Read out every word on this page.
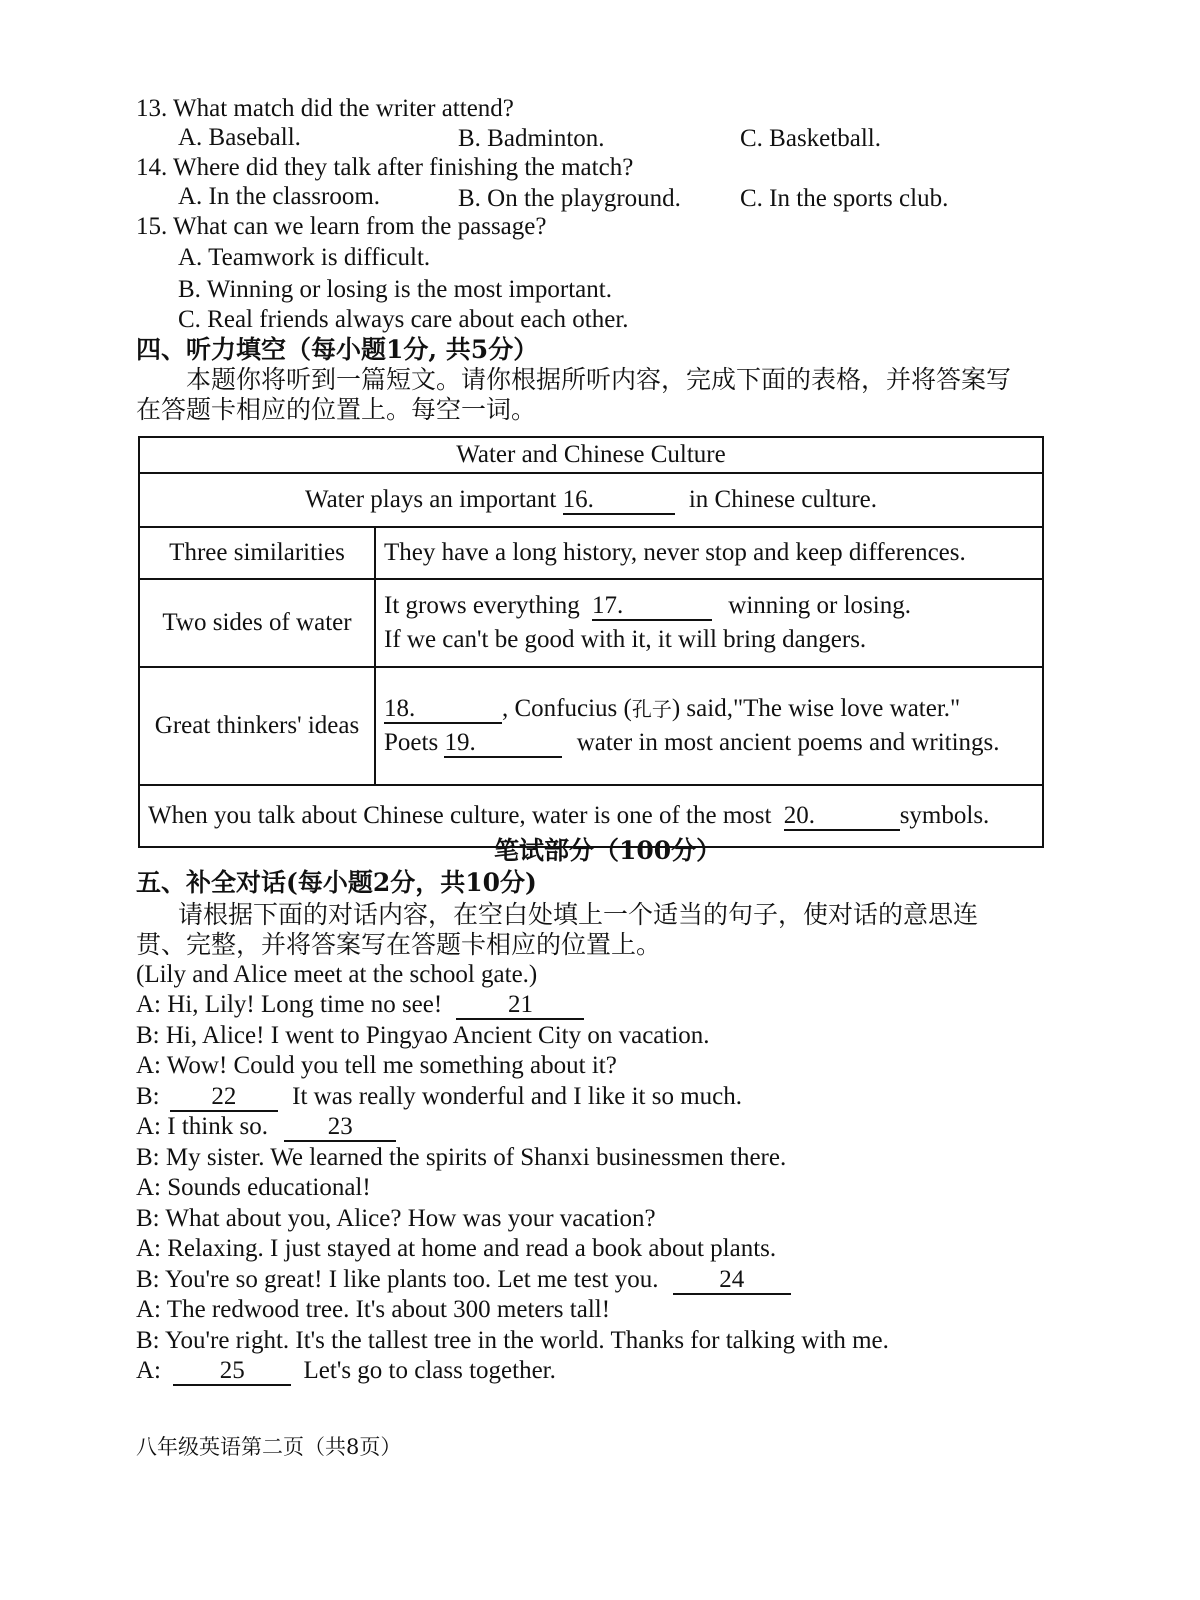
13. What match did the writer attend?
A. Baseball.	B. Badminton.	C. Basketball.
14. Where did they talk after finishing the match?
A. In the classroom.	B. On the playground. C. In the sports club.
15. What can we learn from the passage?
A. Teamwork is difficult.
B. Winning or losing is the most important.
C. Real friends always care about each other.
四、听力填空（每小题1分, 共5分）
本题你将听到一篇短文。请你根据所听内容，完成下面的表格，并将答案写
在答题卡相应的位置上。每空一词。
Water and Chinese Culture	
Water plays an important 16. in Chinese culture.	
Three similarities	They have a long history, never stop and keep differences.
Two sides of water	It grows everything 17. winning or losing.
If we can't be good with it, it will bring dangers.

Great thinkers' ideas	18. , Confucius (孔子) said,"The wise love water."
Poets 19. water in most ancient poems and writings.

When you talk about Chinese culture, water is one of the most 20. symbols.	
笔试部分（100分）
五、补全对话(每小题2分，共10分)
请根据下面的对话内容，在空白处填上一个适当的句子，使对话的意思连
贯、完整，并将答案写在答题卡相应的位置上。
(Lily and Alice meet at the school gate.)
A: Hi, Lily! Long time no see!	21
B: Hi, Alice! I went to Pingyao Ancient City on vacation.
A: Wow! Could you tell me something about it?
B: 22 It was really wonderful and I like it so much.
A: I think so. 23
B: My sister. We learned the spirits of Shanxi businessmen there.
A: Sounds educational!
B: What about you, Alice? How was your vacation?
A: Relaxing. I just stayed at home and read a book about plants.
B: You're so great! I like plants too. Let me test you. 24
A: The redwood tree. It's about 300 meters tall!
B: You're right. It's the tallest tree in the world. Thanks for talking with me.
A: 25 Let's go to class together.
八年级英语第二页（共8页）
